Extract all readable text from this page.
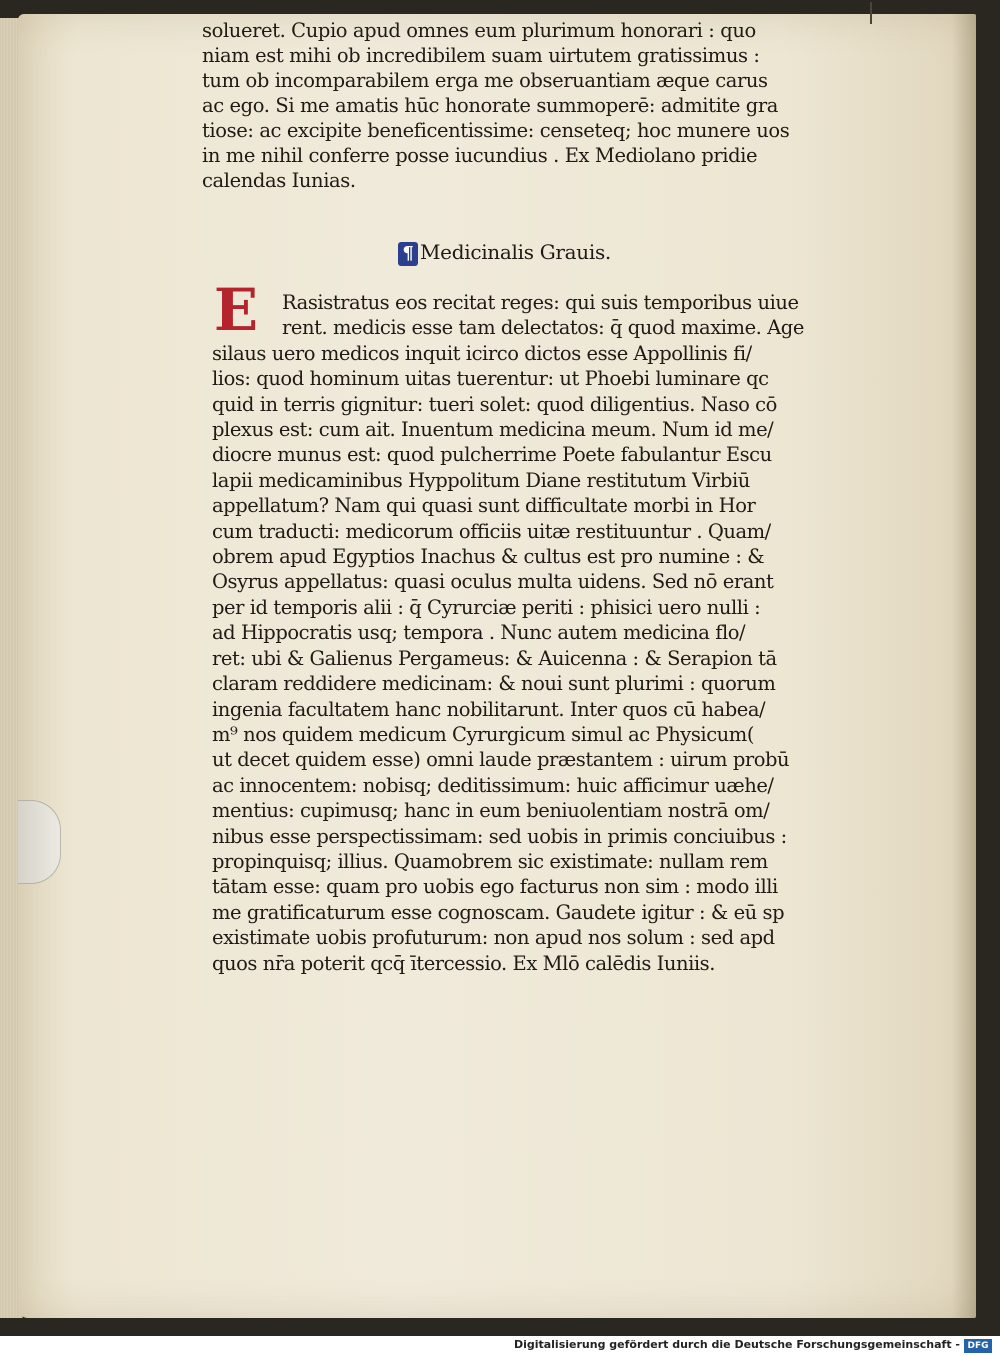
solueret. Cupio apud omnes eum plurimum honorari : quo
niam est mihi ob incredibilem suam uirtutem gratissimus :
tum ob incomparabilem erga me obseruantiam æque carus
ac ego. Si me amatis hūc honorate summoperē: admitite gra
tiose: ac excipite beneficentissime: censeteq; hoc munere uos
in me nihil conferre posse iucundius . Ex Mediolano pridie
calendas Iunias.
¶ Medicinalis Grauis.
E	Rasistratus eos recitat reges: qui suis temporibus uiue
rent. medicis esse tam delectatos: q̄ quod maxime. Age
silaus uero medicos inquit icirco dictos esse Appollinis fi/
lios: quod hominum uitas tuerentur: ut Phoebi luminare qc
quid in terris gignitur: tueri solet: quod diligentius. Naso cō
plexus est: cum ait. Inuentum medicina meum. Num id me/
diocre munus est: quod pulcherrime Poete fabulantur Escu
lapii medicaminibus Hyppolitum Diane restitutum Virbiū
appellatum? Nam qui quasi sunt difficultate morbi in Hor
cum traducti: medicorum officiis uitæ restituuntur . Quam/
obrem apud Egyptios Inachus & cultus est pro numine : &
Osyrus appellatus: quasi oculus multa uidens. Sed nō erant
per id temporis alii : q̄ Cyrurciæ periti : phisici uero nulli :
ad Hippocratis usq; tempora . Nunc autem medicina flo/
ret: ubi & Galienus Pergameus: & Auicenna : & Serapion tā
claram reddidere medicinam: & noui sunt plurimi : quorum
ingenia facultatem hanc nobilitarunt. Inter quos cū habea/
m⁹ nos quidem medicum Cyrurgicum simul ac Physicum(
ut decet quidem esse) omni laude præstantem : uirum probū
ac innocentem: nobisq; deditissimum: huic afficimur uæhe/
mentius: cupimusq; hanc in eum beniuolentiam nostrā om/
nibus esse perspectissimam: sed uobis in primis conciuibus :
propinquisq; illius. Quamobrem sic existimate: nullam rem
tātam esse: quam pro uobis ego facturus non sim : modo illi
me gratificaturum esse cognoscam. Gaudete igitur : & eū sp
existimate uobis profuturum: non apud nos solum : sed apd
quos nr̄a poterit qcq̄ ītercessio. Ex Mlō calēdis Iuniis.
Digitalisierung gefördert durch die Deutsche Forschungsgemeinschaft - DFG
